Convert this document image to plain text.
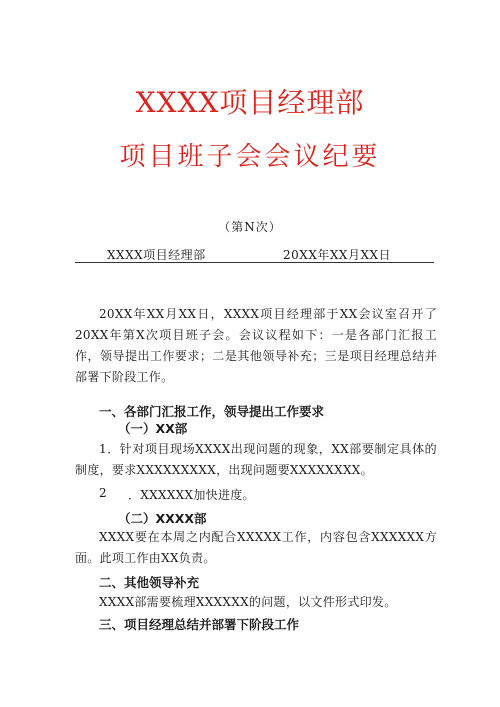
XXXX项目经理部
项目班子会会议纪要
（第N次）
XXXX项目经理部	20XX年XX月XX日
20XX年XX月XX日，XXXX项目经理部于XX会议室召开了20XX年第X次项目班子会。会议议程如下：一是各部门汇报工作，领导提出工作要求；二是其他领导补充；三是项目经理总结并部署下阶段工作。
一、各部门汇报工作，领导提出工作要求
（一）XX部
1．针对项目现场XXXX出现问题的现象，XX部要制定具体的制度，要求XXXXXXXXX，出现问题要XXXXXXXX。
2 ．XXXXXX加快进度。
（二）XXXX部
XXXX要在本周之内配合XXXXX工作，内容包含XXXXXX方面。此项工作由XX负责。
二、其他领导补充
XXXX部需要梳理XXXXXX的问题，以文件形式印发。
三、项目经理总结并部署下阶段工作
